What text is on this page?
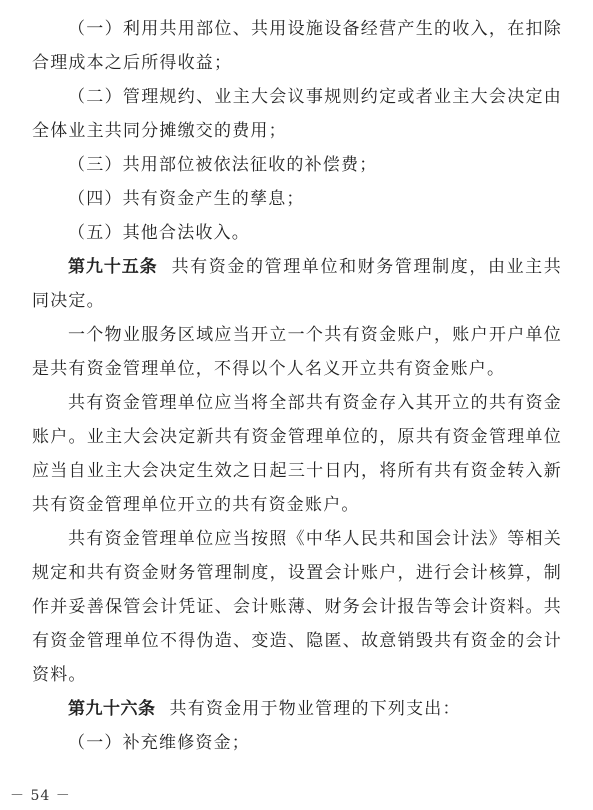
（一）利用共用部位、共用设施设备经营产生的收入，在扣除合理成本之后所得收益；

（二）管理规约、业主大会议事规则约定或者业主大会决定由全体业主共同分摊缴交的费用；

（三）共用部位被依法征收的补偿费；

（四）共有资金产生的孳息；

（五）其他合法收入。

第九十五条 共有资金的管理单位和财务管理制度，由业主共同决定。

一个物业服务区域应当开立一个共有资金账户，账户开户单位是共有资金管理单位，不得以个人名义开立共有资金账户。

共有资金管理单位应当将全部共有资金存入其开立的共有资金账户。业主大会决定新共有资金管理单位的，原共有资金管理单位应当自业主大会决定生效之日起三十日内，将所有共有资金转入新共有资金管理单位开立的共有资金账户。

共有资金管理单位应当按照《中华人民共和国会计法》等相关规定和共有资金财务管理制度，设置会计账户，进行会计核算，制作并妥善保管会计凭证、会计账薄、财务会计报告等会计资料。共有资金管理单位不得伪造、变造、隐匿、故意销毁共有资金的会计资料。

第九十六条 共有资金用于物业管理的下列支出：

（一）补充维修资金；

－ 54 －
